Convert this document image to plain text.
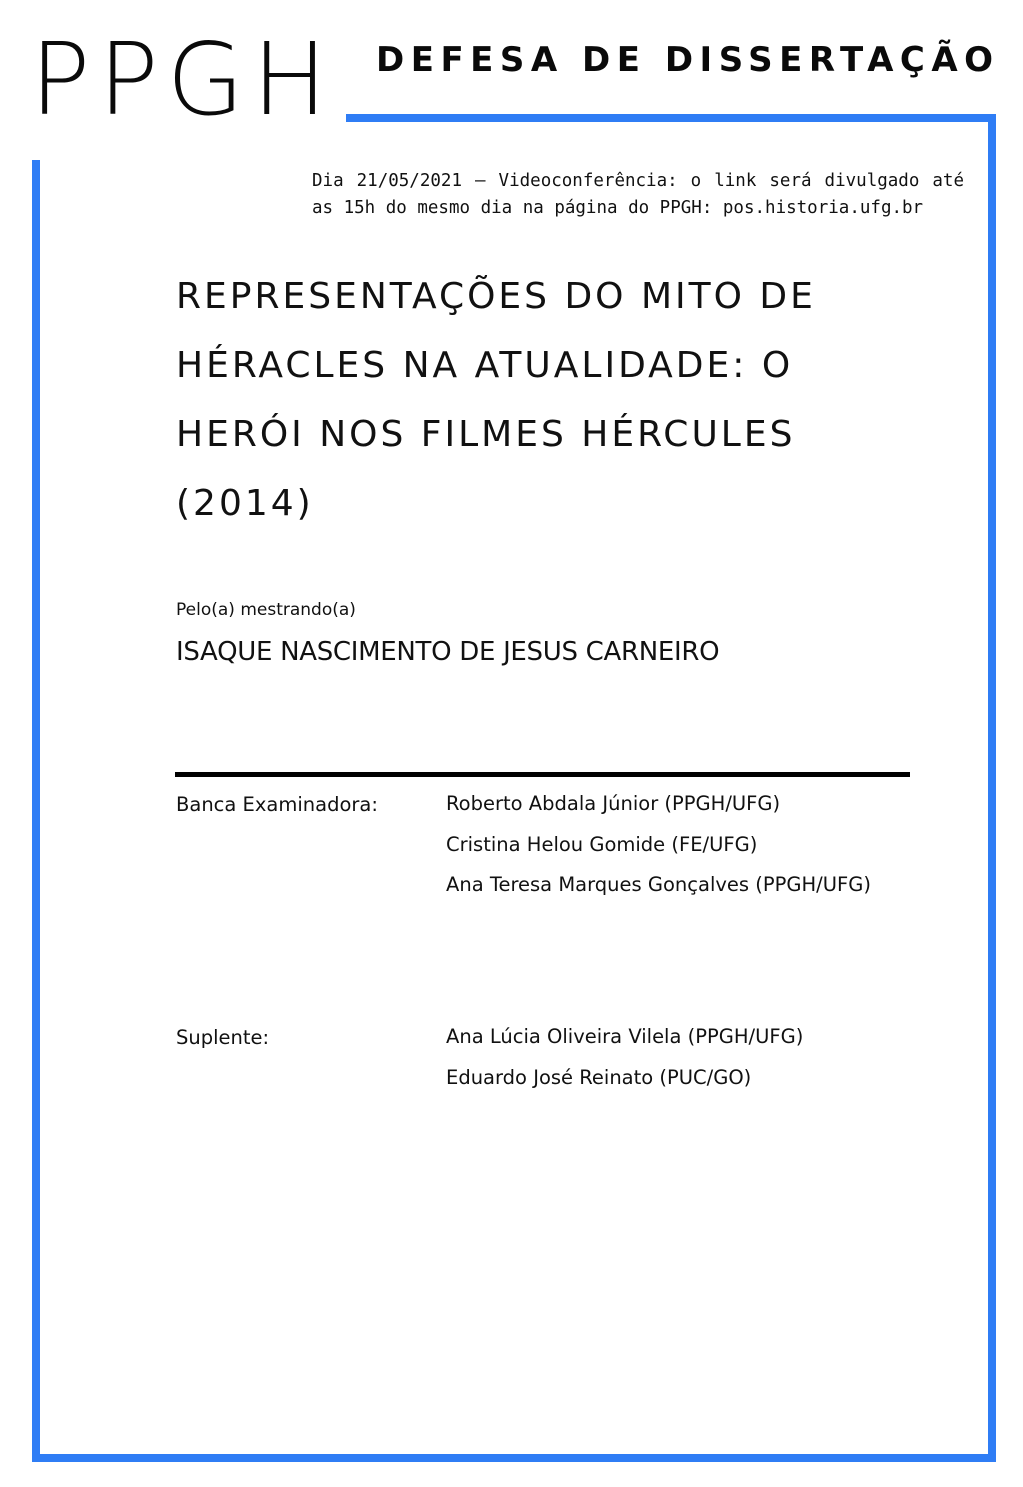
PPGH DEFESA DE DISSERTAÇÃO

Dia 21/05/2021 – Videoconferência: o link será divulgado até as 15h do mesmo dia na página do PPGH: pos.historia.ufg.br

REPRESENTAÇÕES DO MITO DE
HÉRACLES NA ATUALIDADE: O
HERÓI NOS FILMES HÉRCULES
(2014)
Pelo(a) mestrando(a)
ISAQUE NASCIMENTO DE JESUS CARNEIRO
Banca Examinadora:	Roberto Abdala Júnior (PPGH/UFG)
Cristina Helou Gomide (FE/UFG)
Ana Teresa Marques Gonçalves (PPGH/UFG)
Suplente:	Ana Lúcia Oliveira Vilela (PPGH/UFG)
Eduardo José Reinato (PUC/GO)
